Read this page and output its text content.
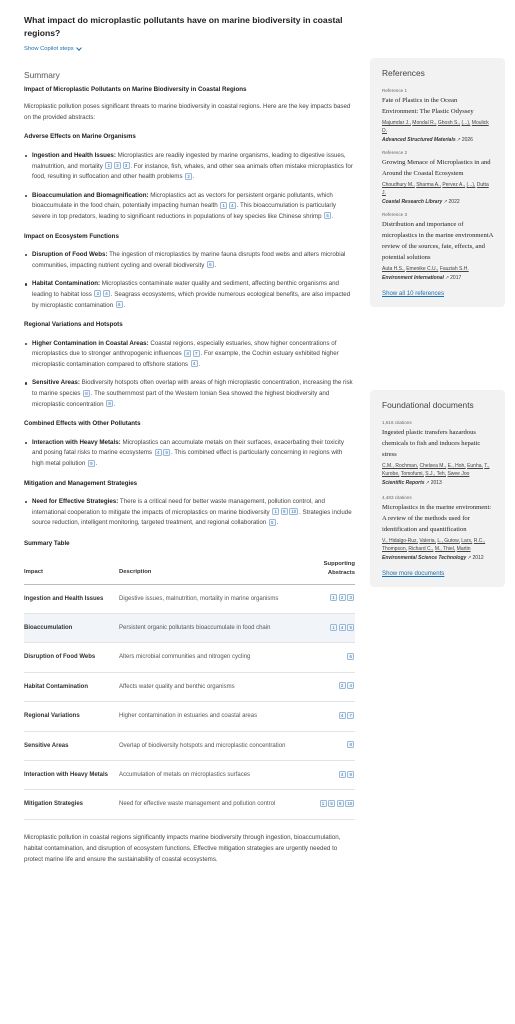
What impact do microplastic pollutants have on marine biodiversity in coastal regions?
Show Copilot steps
Summary
Impact of Microplastic Pollutants on Marine Biodiversity in Coastal Regions
Microplastic pollution poses significant threats to marine biodiversity in coastal regions. Here are the key impacts based on the provided abstracts:
Adverse Effects on Marine Organisms
Ingestion and Health Issues: Microplastics are readily ingested by marine organisms, leading to digestive issues, malnutrition, and mortality 1 2 3 . For instance, fish, whales, and other sea animals often mistake microplastics for food, resulting in suffocation and other health problems 2 .
Bioaccumulation and Biomagnification: Microplastics act as vectors for persistent organic pollutants, which bioaccumulate in the food chain, potentially impacting human health 1 4 . This bioaccumulation is particularly severe in top predators, leading to significant reductions in populations of key species like Chinese shrimp 5 .
Impact on Ecosystem Functions
Disruption of Food Webs: The ingestion of microplastics by marine fauna disrupts food webs and alters microbial communities, impacting nutrient cycling and overall biodiversity 6 .
Habitat Contamination: Microplastics contaminate water quality and sediment, affecting benthic organisms and leading to habitat loss 2 4 . Seagrass ecosystems, which provide numerous ecological benefits, are also impacted by microplastic contamination 6 .
Regional Variations and Hotspots
Higher Contamination in Coastal Areas: Coastal regions, especially estuaries, show higher concentrations of microplastics due to stronger anthropogenic influences 4 7 . For example, the Cochin estuary exhibited higher microplastic contamination compared to offshore stations 4 .
Sensitive Areas: Biodiversity hotspots often overlap with areas of high microplastic concentration, increasing the risk to marine species 8 . The southernmost part of the Western Ionian Sea showed the highest biodiversity and microplastic concentration 8 .
Combined Effects with Other Pollutants
Interaction with Heavy Metals: Microplastics can accumulate metals on their surfaces, exacerbating their toxicity and posing fatal risks to marine ecosystems 4 9 . This combined effect is particularly concerning in regions with high metal pollution 9 .
Mitigation and Management Strategies
Need for Effective Strategies: There is a critical need for better waste management, pollution control, and international cooperation to mitigate the impacts of microplastics on marine biodiversity 1 9 10 . Strategies include source reduction, intelligent monitoring, targeted treatment, and regional collaboration 5 .
Summary Table
Impact	Description	Supporting Abstracts
Ingestion and Health Issues	Digestive issues, malnutrition, mortality in marine organisms	1 2 3
Bioaccumulation	Persistent organic pollutants bioaccumulate in food chain	1 4 5
Disruption of Food Webs	Alters microbial communities and nitrogen cycling	6
Habitat Contamination	Affects water quality and benthic organisms	2 4
Regional Variations	Higher contamination in estuaries and coastal areas	4 7
Sensitive Areas	Overlap of biodiversity hotspots and microplastic concentration	8
Interaction with Heavy Metals	Accumulation of metals on microplastics surfaces	4 9
Mitigation Strategies	Need for effective waste management and pollution control	1 5 9 10
Microplastic pollution in coastal regions significantly impacts marine biodiversity through ingestion, bioaccumulation, habitat contamination, and disruption of ecosystem functions. Effective mitigation strategies are urgently needed to protect marine life and ensure the sustainability of coastal ecosystems.
References
Reference 1
Fate of Plastics in the Ocean Environment: The Plastic Odyssey
Majumdar J., Mondal R., Ghosh S., (...), Moulick D.
Advanced Structured Materials↗2026
Reference 2
Growing Menace of Microplastics in and Around the Coastal Ecosystem
Choudhury M., Sharma A., Pervez A., (...), Dutta J.
Coastal Research Library↗2022
Reference 3
Distribution and importance of microplastics in the marine environmentA review of the sources, fate, effects, and potential solutions
Auta H.S., Emenike C.U., Fauziah S.H.
Environment International↗2017
Show all 10 references
Foundational documents
1,616 citations
Ingested plastic transfers hazardous chemicals to fish and induces hepatic stress
C.M., Rochman, Chelsea M., E., Hoh, Eunha, T., Kurobe, Tomofumi, S.J., Teh, Swee Joo
Scientific Reports↗2013
4,483 citations
Microplastics in the marine environment: A review of the methods used for identification and quantification
V., Hidalgo-Ruz, Valeria, L., Gutow, Lars, R.C., Thompson, Richard C., M., Thiel, Martin
Environmental Science Technology↗2012
Show more documents
